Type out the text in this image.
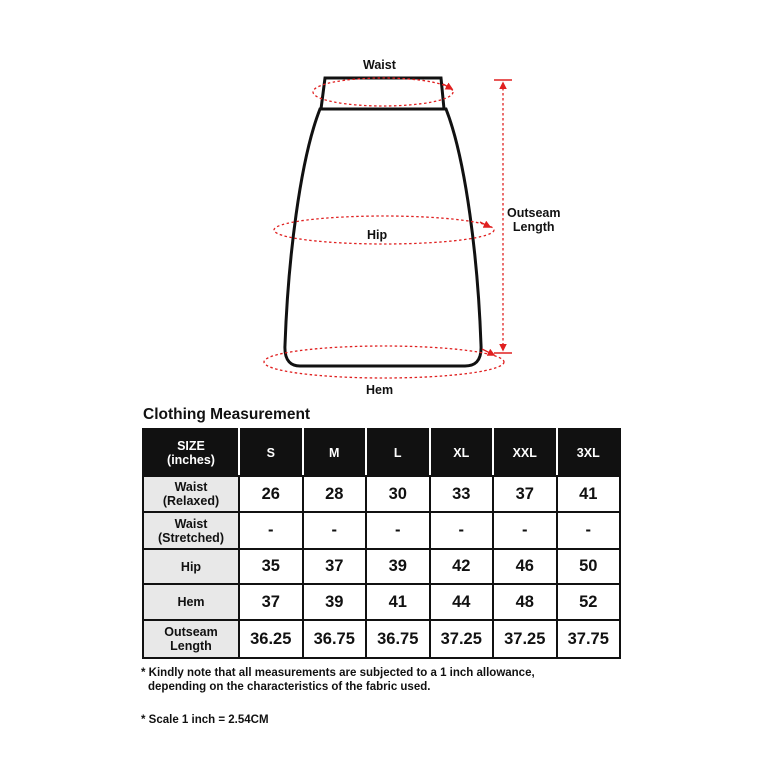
Waist
Hip
Hem
Outseam
Length
Clothing Measurement
SIZE
(inches)	S	M	L	XL	XXL	3XL

Waist
(Relaxed)	26	28	30	33	37	41

Waist
(Stretched)	-	-	-	-	-	-

Hip	35	37	39	42	46	50

Hem	37	39	41	44	48	52

Outseam
Length	36.25	36.75	36.75	37.25	37.25	37.75
* Kindly note that all measurements are subjected to a 1 inch allowance,
depending on the characteristics of the fabric used.
* Scale 1 inch = 2.54CM
